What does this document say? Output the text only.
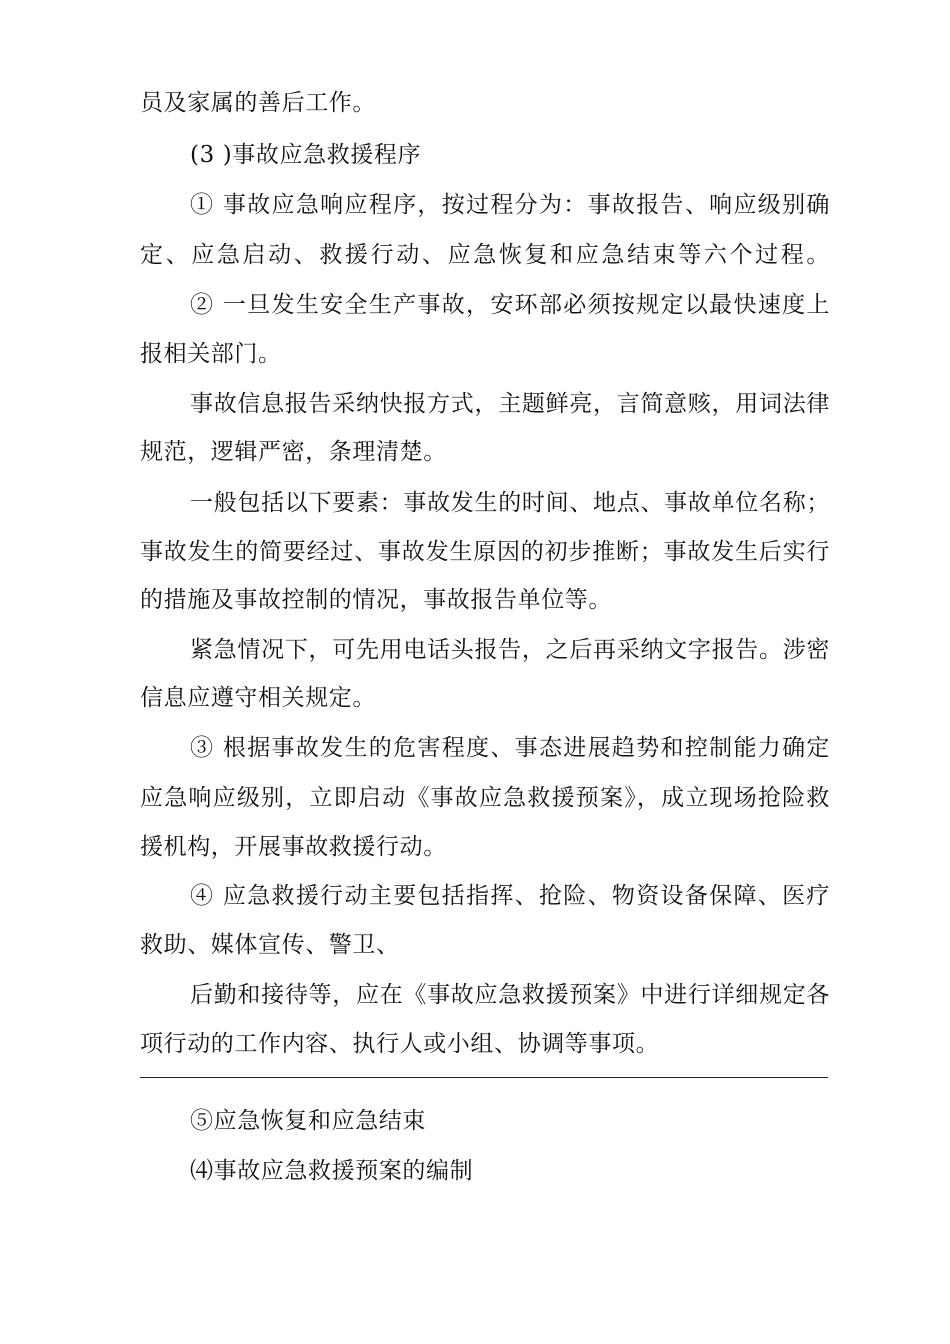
员及家属的善后工作。
(3 )事故应急救援程序
① 事故应急响应程序，按过程分为：事故报告、响应级别确
定、应急启动、救援行动、应急恢复和应急结束等六个过程。
② 一旦发生安全生产事故，安环部必须按规定以最快速度上
报相关部门。
事故信息报告采纳快报方式，主题鲜亮，言简意赅，用词法律
规范，逻辑严密，条理清楚。
一般包括以下要素：事故发生的时间、地点、事故单位名称；
事故发生的简要经过、事故发生原因的初步推断；事故发生后实行
的措施及事故控制的情况，事故报告单位等。
紧急情况下，可先用电话头报告，之后再采纳文字报告。涉密
信息应遵守相关规定。
③ 根据事故发生的危害程度、事态进展趋势和控制能力确定
应急响应级别，立即启动《事故应急救援预案》，成立现场抢险救
援机构，开展事故救援行动。
④ 应急救援行动主要包括指挥、抢险、物资设备保障、医疗
救助、媒体宣传、警卫、
后勤和接待等，应在《事故应急救援预案》中进行详细规定各
项行动的工作内容、执行人或小组、协调等事项。
⑤应急恢复和应急结束
⑷事故应急救援预案的编制
